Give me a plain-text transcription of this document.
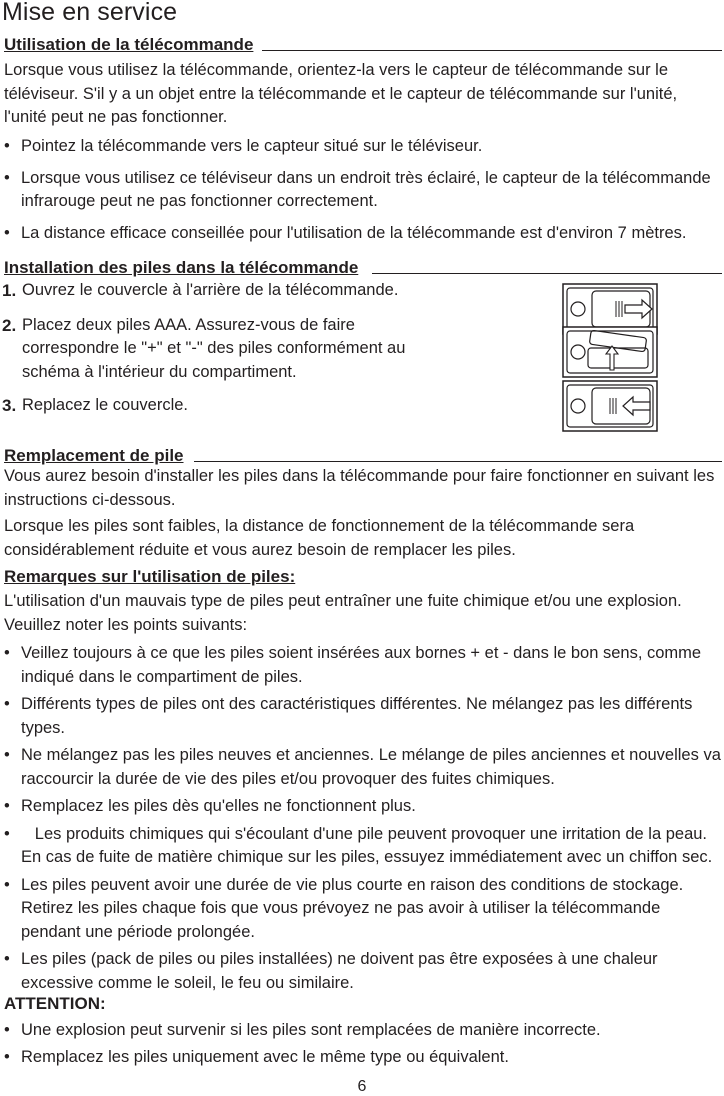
Mise en service
Utilisation de la télécommande
Lorsque vous utilisez la télécommande, orientez-la vers le capteur de télécommande sur le téléviseur. S'il y a un objet entre la télécommande et le capteur de télécommande sur l'unité, l'unité peut ne pas fonctionner.
• Pointez la télécommande vers le capteur situé sur le téléviseur.
• Lorsque vous utilisez ce téléviseur dans un endroit très éclairé, le capteur de la télécommande infrarouge peut ne pas fonctionner correctement.
• La distance efficace conseillée pour l'utilisation de la télécommande est d'environ 7 mètres.
Installation des piles dans la télécommande
1. Ouvrez le couvercle à l'arrière de la télécommande.
2. Placez deux piles AAA. Assurez-vous de faire correspondre le "+" et "-" des piles conformément au schéma à l'intérieur du compartiment.
3. Replacez le couvercle.
Remplacement de pile
Vous aurez besoin d'installer les piles dans la télécommande pour faire fonctionner en suivant les instructions ci-dessous.
Lorsque les piles sont faibles, la distance de fonctionnement de la télécommande sera considérablement réduite et vous aurez besoin de remplacer les piles.
Remarques sur l'utilisation de piles:
L'utilisation d'un mauvais type de piles peut entraîner une fuite chimique et/ou une explosion. Veuillez noter les points suivants:
• Veillez toujours à ce que les piles soient insérées aux bornes + et - dans le bon sens, comme indiqué dans le compartiment de piles.
• Différents types de piles ont des caractéristiques différentes. Ne mélangez pas les différents types.
• Ne mélangez pas les piles neuves et anciennes. Le mélange de piles anciennes et nouvelles va raccourcir la durée de vie des piles et/ou provoquer des fuites chimiques.
• Remplacez les piles dès qu'elles ne fonctionnent plus.
•    Les produits chimiques qui s'écoulant d'une pile peuvent provoquer une irritation de la peau. En cas de fuite de matière chimique sur les piles, essuyez immédiatement avec un chiffon sec.
• Les piles peuvent avoir une durée de vie plus courte en raison des conditions de stockage. Retirez les piles chaque fois que vous prévoyez ne pas avoir à utiliser la télécommande pendant une période prolongée.
• Les piles (pack de piles ou piles installées) ne doivent pas être exposées à une chaleur excessive comme le soleil, le feu ou similaire.
ATTENTION:
• Une explosion peut survenir si les piles sont remplacées de manière incorrecte.
• Remplacez les piles uniquement avec le même type ou équivalent.
6
